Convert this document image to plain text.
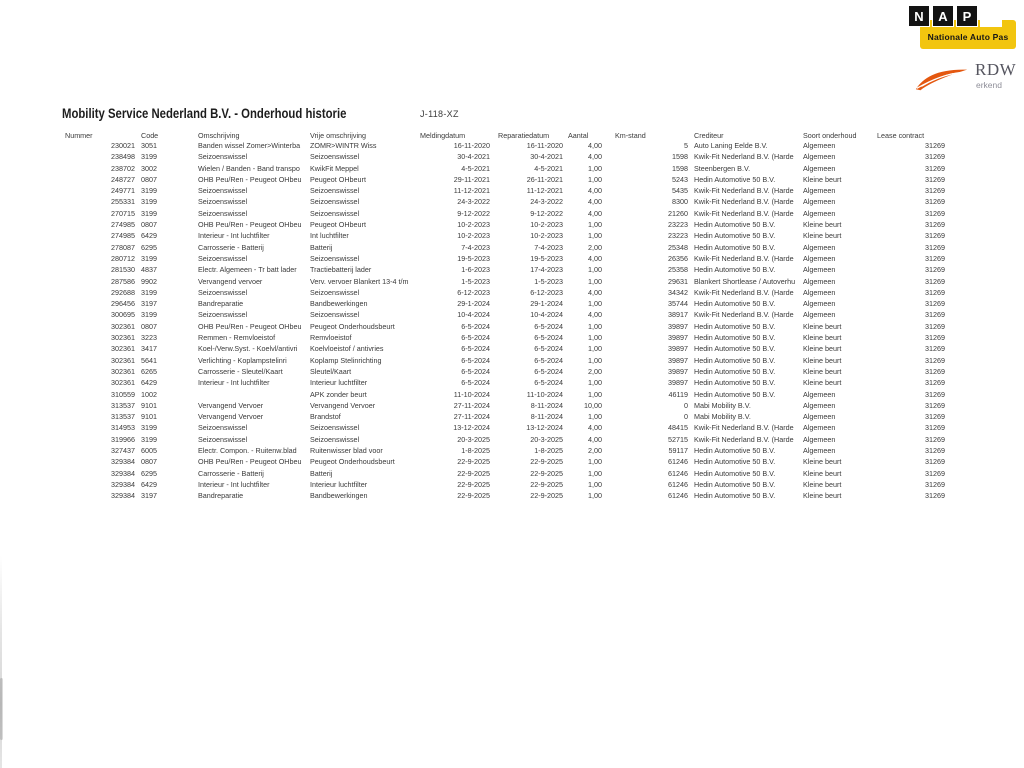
N	A	P
Nationale Auto Pas
RDW
erkend
Mobility Service Nederland B.V. - Onderhoud historie	J-118-XZ
Nummer	Code	Omschrijving	Vrije omschrijving	Meldingdatum	Reparatiedatum	Aantal	Km-stand	Crediteur	Soort onderhoud	Lease contract
230021	3051	Banden wissel Zomer>Winterba	ZOMR>WINTR Wiss	16-11-2020	16-11-2020	4,00	5	Auto Laning Eelde B.V.	Algemeen	31269
238498	3199	Seizoenswissel	Seizoenswissel	30-4-2021	30-4-2021	4,00	1598	Kwik-Fit Nederland B.V. (Harde	Algemeen	31269
238702	3002	Wielen / Banden - Band transpo	KwikFit Meppel	4-5-2021	4-5-2021	1,00	1598	Steenbergen B.V.	Algemeen	31269
248727	0807	OHB Peu/Ren - Peugeot OHbeu	Peugeot OHbeurt	29-11-2021	26-11-2021	1,00	5243	Hedin Automotive 50 B.V.	Kleine beurt	31269
249771	3199	Seizoenswissel	Seizoenswissel	11-12-2021	11-12-2021	4,00	5435	Kwik-Fit Nederland B.V. (Harde	Algemeen	31269
255331	3199	Seizoenswissel	Seizoenswissel	24-3-2022	24-3-2022	4,00	8300	Kwik-Fit Nederland B.V. (Harde	Algemeen	31269
270715	3199	Seizoenswissel	Seizoenswissel	9-12-2022	9-12-2022	4,00	21260	Kwik-Fit Nederland B.V. (Harde	Algemeen	31269
274985	0807	OHB Peu/Ren - Peugeot OHbeu	Peugeot OHbeurt	10-2-2023	10-2-2023	1,00	23223	Hedin Automotive 50 B.V.	Kleine beurt	31269
274985	6429	Interieur - Int luchtfilter	Int luchtfilter	10-2-2023	10-2-2023	1,00	23223	Hedin Automotive 50 B.V.	Kleine beurt	31269
278087	6295	Carrosserie - Batterij	Batterij	7-4-2023	7-4-2023	2,00	25348	Hedin Automotive 50 B.V.	Algemeen	31269
280712	3199	Seizoenswissel	Seizoenswissel	19-5-2023	19-5-2023	4,00	26356	Kwik-Fit Nederland B.V. (Harde	Algemeen	31269
281530	4837	Electr. Algemeen - Tr batt lader	Tractiebatterij lader	1-6-2023	17-4-2023	1,00	25358	Hedin Automotive 50 B.V.	Algemeen	31269
287586	9902	Vervangend vervoer	Verv. vervoer Blankert 13-4 t/m	1-5-2023	1-5-2023	1,00	29631	Blankert Shortlease / Autoverhu	Algemeen	31269
292688	3199	Seizoenswissel	Seizoenswissel	6-12-2023	6-12-2023	4,00	34342	Kwik-Fit Nederland B.V. (Harde	Algemeen	31269
296456	3197	Bandreparatie	Bandbewerkingen	29-1-2024	29-1-2024	1,00	35744	Hedin Automotive 50 B.V.	Algemeen	31269
300695	3199	Seizoenswissel	Seizoenswissel	10-4-2024	10-4-2024	4,00	38917	Kwik-Fit Nederland B.V. (Harde	Algemeen	31269
302361	0807	OHB Peu/Ren - Peugeot OHbeu	Peugeot Onderhoudsbeurt	6-5-2024	6-5-2024	1,00	39897	Hedin Automotive 50 B.V.	Kleine beurt	31269
302361	3223	Remmen - Remvloeistof	Remvloeistof	6-5-2024	6-5-2024	1,00	39897	Hedin Automotive 50 B.V.	Kleine beurt	31269
302361	3417	Koel-/Verw.Syst. - Koelvl/antivri	Koelvloeistof / antivries	6-5-2024	6-5-2024	1,00	39897	Hedin Automotive 50 B.V.	Kleine beurt	31269
302361	5641	Verlichting - Koplampstelinri	Koplamp Stelinrichting	6-5-2024	6-5-2024	1,00	39897	Hedin Automotive 50 B.V.	Kleine beurt	31269
302361	6265	Carrosserie - Sleutel/Kaart	Sleutel/Kaart	6-5-2024	6-5-2024	2,00	39897	Hedin Automotive 50 B.V.	Kleine beurt	31269
302361	6429	Interieur - Int luchtfilter	Interieur luchtfilter	6-5-2024	6-5-2024	1,00	39897	Hedin Automotive 50 B.V.	Kleine beurt	31269
310559	1002		APK zonder beurt	11-10-2024	11-10-2024	1,00	46119	Hedin Automotive 50 B.V.	Algemeen	31269
313537	9101	Vervangend Vervoer	Vervangend Vervoer	27-11-2024	8-11-2024	10,00	0	Mabi Mobility B.V.	Algemeen	31269
313537	9101	Vervangend Vervoer	Brandstof	27-11-2024	8-11-2024	1,00	0	Mabi Mobility B.V.	Algemeen	31269
314953	3199	Seizoenswissel	Seizoenswissel	13-12-2024	13-12-2024	4,00	48415	Kwik-Fit Nederland B.V. (Harde	Algemeen	31269
319966	3199	Seizoenswissel	Seizoenswissel	20-3-2025	20-3-2025	4,00	52715	Kwik-Fit Nederland B.V. (Harde	Algemeen	31269
327437	6005	Electr. Compon. - Ruitenw.blad	Ruitenwisser blad voor	1-8-2025	1-8-2025	2,00	59117	Hedin Automotive 50 B.V.	Algemeen	31269
329384	0807	OHB Peu/Ren - Peugeot OHbeu	Peugeot Onderhoudsbeurt	22-9-2025	22-9-2025	1,00	61246	Hedin Automotive 50 B.V.	Kleine beurt	31269
329384	6295	Carrosserie - Batterij	Batterij	22-9-2025	22-9-2025	1,00	61246	Hedin Automotive 50 B.V.	Kleine beurt	31269
329384	6429	Interieur - Int luchtfilter	Interieur luchtfilter	22-9-2025	22-9-2025	1,00	61246	Hedin Automotive 50 B.V.	Kleine beurt	31269
329384	3197	Bandreparatie	Bandbewerkingen	22-9-2025	22-9-2025	1,00	61246	Hedin Automotive 50 B.V.	Kleine beurt	31269
